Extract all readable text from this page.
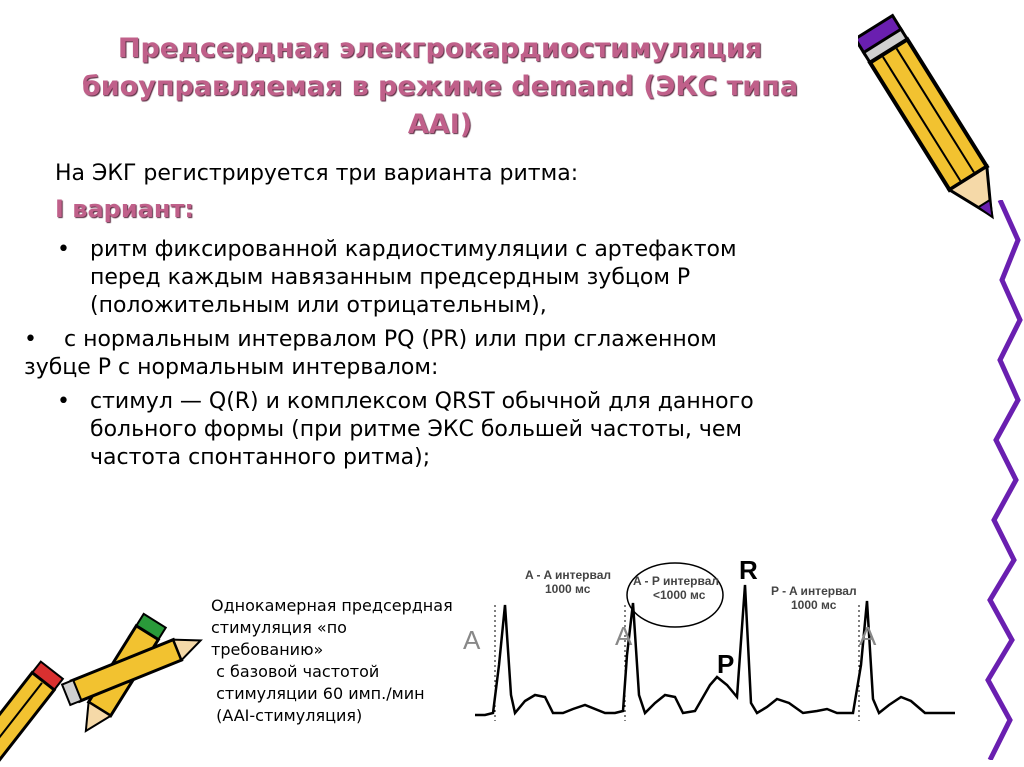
Предсердная элекгрокардиостимуляция
биоуправляемая в режиме demand (ЭКС типа
AAI)
На ЭКГ регистрируется три варианта ритма:
I вариант:
• ритм фиксированной кардиостимуляции с артефактом
перед каждым навязанным предсердным зубцом Р
(положительным или отрицательным),
• с нормальным интервалом PQ (PR) или при сглаженном
зубце Р с нормальным интервалом:
• стимул — Q(R) и комплексом QRST обычной для данного
больного формы (при ритме ЭКС большей частоты, чем
частота спонтанного ритма);
Однокамерная предсердная
стимуляция «по
требованию»
с базовой частотой
стимуляции 60 имп./мин
(AAI-стимуляция)
A - A интервал
1000 мс
A - P интервал
<1000 мс	P - A интервал
1000 мс
A	A	A
R
P
